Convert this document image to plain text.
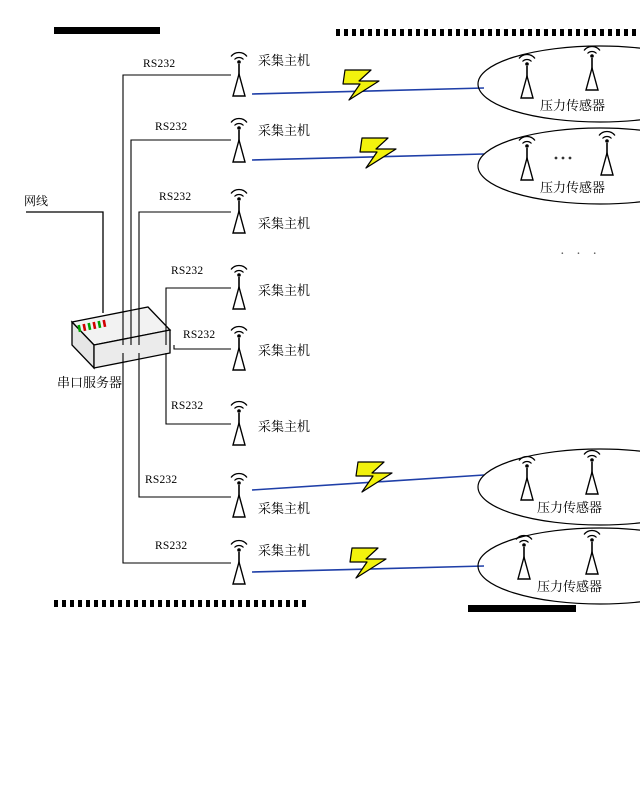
网线
串口服务器
RS232
RS232
RS232
RS232
RS232
RS232
RS232
RS232
采集主机
采集主机
采集主机
采集主机
采集主机
采集主机
采集主机
采集主机
压力传感器
压力传感器
压力传感器
压力传感器
· · ·
